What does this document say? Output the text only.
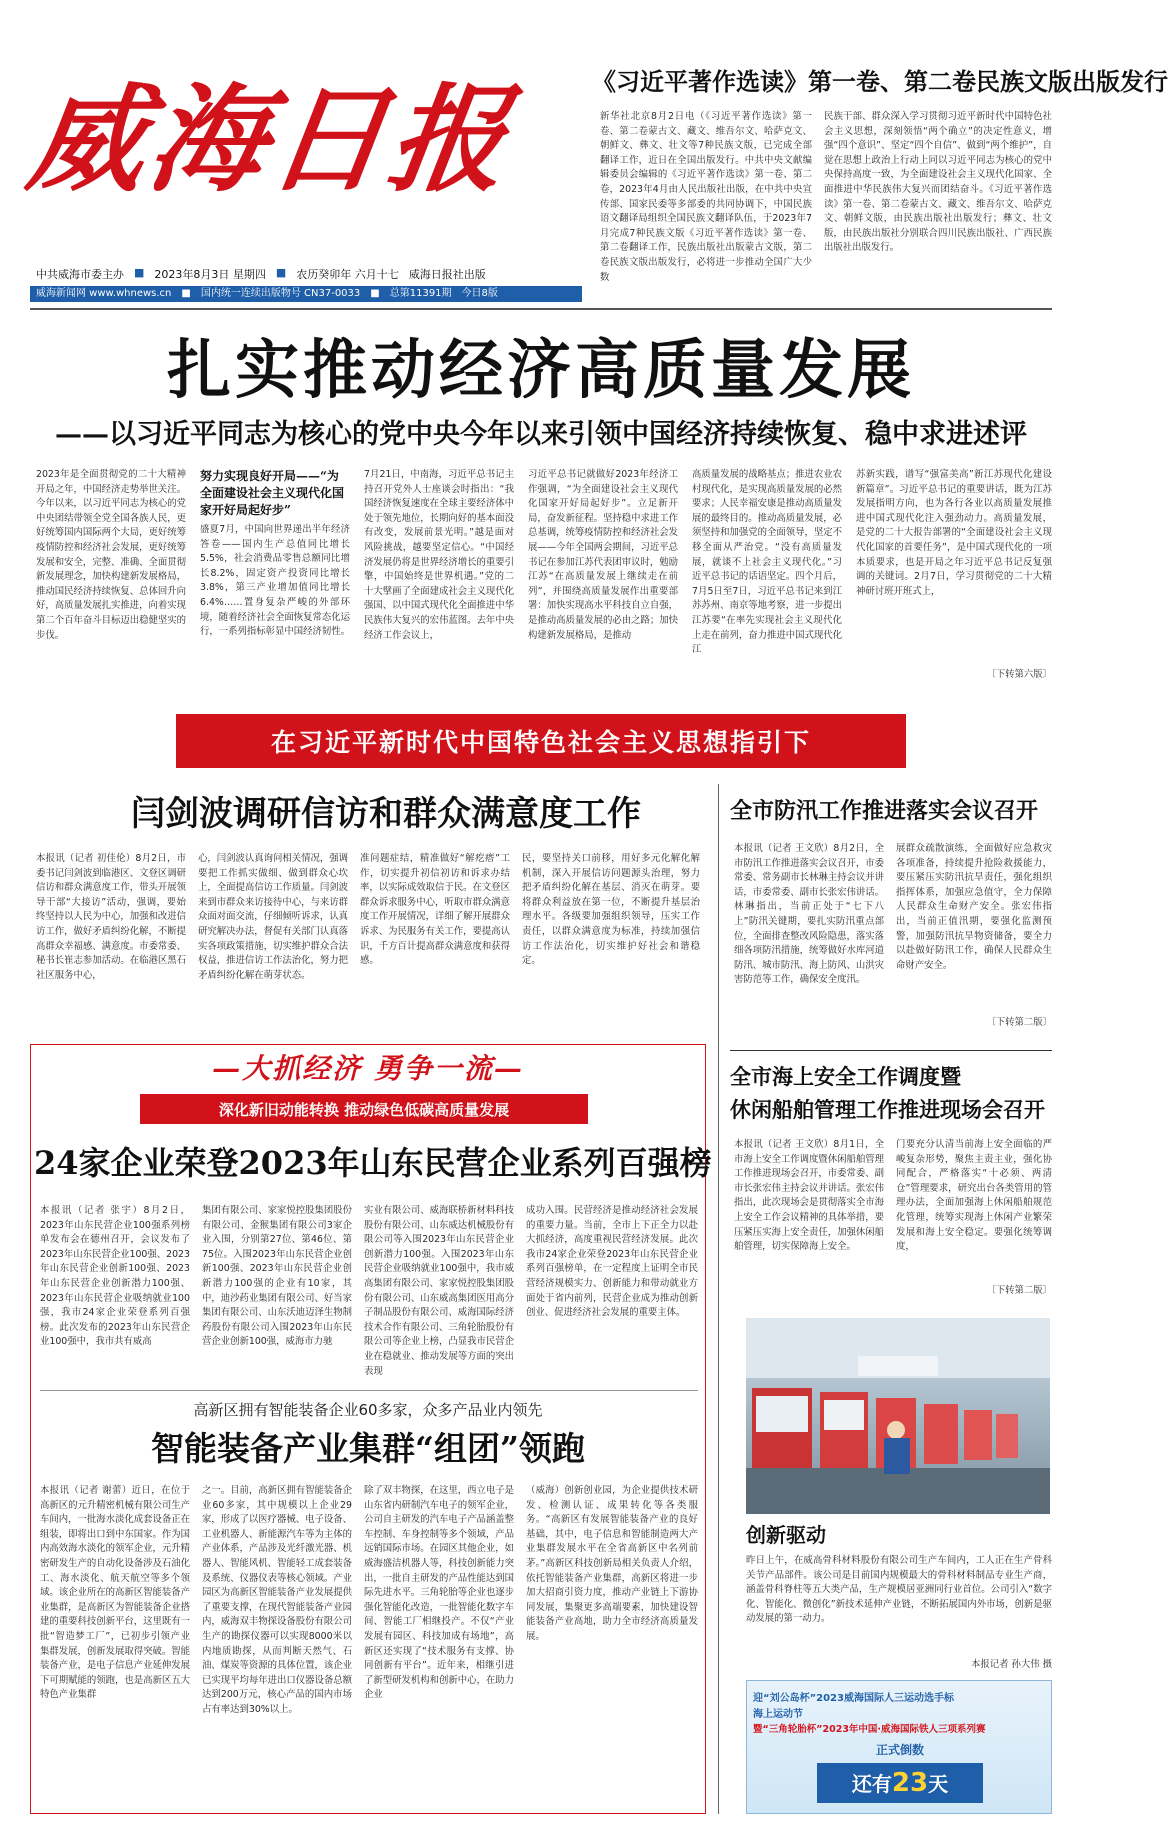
威海日报
中共威海市委主办 ■ 2023年8月3日 星期四 ■ 农历癸卯年 六月十七 威海日报社出版
威海新闻网 www.whnews.cn ■ 国内统一连续出版物号 CN37-0033 ■ 总第11391期 今日8版
《习近平著作选读》第一卷、第二卷民族文版出版发行
新华社北京8月2日电（《习近平著作选读》第一卷、第二卷蒙古文、藏文、维吾尔文、哈萨克文、朝鲜文、彝文、壮文等7种民族文版，已完成全部翻译工作，近日在全国出版发行。中共中央文献编辑委员会编辑的《习近平著作选读》第一卷、第二卷，2023年4月由人民出版社出版，在中共中央宣传部、国家民委等多部委的共同协调下，中国民族语文翻译局组织全国民族文翻译队伍，于2023年7月完成7种民族文版《习近平著作选读》第一卷、第二卷翻译工作，民族出版社出版蒙古文版，第二卷民族文版出版发行，必将进一步推动全国广大少数
民族干部、群众深入学习贯彻习近平新时代中国特色社会主义思想，深刻领悟“两个确立”的决定性意义，增强“四个意识”、坚定“四个自信”、做到“两个维护”，自觉在思想上政治上行动上同以习近平同志为核心的党中央保持高度一致，为全面建设社会主义现代化国家、全面推进中华民族伟大复兴而团结奋斗。《习近平著作选读》第一卷、第二卷蒙古文、藏文、维吾尔文、哈萨克文、朝鲜文版，由民族出版社出版发行；彝文、壮文版，由民族出版社分别联合四川民族出版社、广西民族出版社出版发行。
扎实推动经济高质量发展
——以习近平同志为核心的党中央今年以来引领中国经济持续恢复、稳中求进述评
2023年是全面贯彻党的二十大精神开局之年，中国经济走势举世关注。今年以来，以习近平同志为核心的党中央团结带领全党全国各族人民，更好统筹国内国际两个大局，更好统筹疫情防控和经济社会发展，更好统筹发展和安全，完整、准确、全面贯彻新发展理念，加快构建新发展格局，推动国民经济持续恢复、总体回升向好，高质量发展扎实推进，向着实现第二个百年奋斗目标迈出稳健坚实的步伐。
努力实现良好开局——“为全面建设社会主义现代化国家开好局起好步”
盛夏7月，中国向世界递出半年经济答卷——国内生产总值同比增长5.5%，社会消费品零售总额同比增长8.2%，固定资产投资同比增长3.8%，第三产业增加值同比增长6.4%……置身复杂严峻的外部环境，随着经济社会全面恢复常态化运行，一系列指标彰显中国经济韧性。
7月21日，中南海，习近平总书记主持召开党外人士座谈会时指出：“我国经济恢复速度在全球主要经济体中处于领先地位，长期向好的基本面没有改变，发展前景光明。”越是面对风险挑战，越要坚定信心。“中国经济发展仍将是世界经济增长的重要引擎，中国始终是世界机遇。”党的二十大擘画了全面建成社会主义现代化强国、以中国式现代化全面推进中华民族伟大复兴的宏伟蓝图。去年中央经济工作会议上，
习近平总书记就做好2023年经济工作强调，“为全面建设社会主义现代化国家开好局起好步”。立足新开局，奋发新征程。坚持稳中求进工作总基调，统筹疫情防控和经济社会发展——今年全国两会期间，习近平总书记在参加江苏代表团审议时，勉励江苏“在高质量发展上继续走在前列”，并围绕高质量发展作出重要部署：加快实现高水平科技自立自强，是推动高质量发展的必由之路；加快构建新发展格局，是推动
高质量发展的战略基点；推进农业农村现代化，是实现高质量发展的必然要求；人民幸福安康是推动高质量发展的最终目的。推动高质量发展，必须坚持和加强党的全面领导，坚定不移全面从严治党。“没有高质量发展，就谈不上社会主义现代化。”习近平总书记的话语坚定。四个月后，7月5日至7日，习近平总书记来到江苏苏州、南京等地考察，进一步提出江苏要“在率先实现社会主义现代化上走在前列，奋力推进中国式现代化江
苏新实践，谱写“强富美高”新江苏现代化建设新篇章”。习近平总书记的重要讲话，既为江苏发展指明方向，也为各行各业以高质量发展推进中国式现代化注入强劲动力。高质量发展，是党的二十大报告部署的“全面建设社会主义现代化国家的首要任务”，是中国式现代化的一项本质要求，也是开局之年习近平总书记反复强调的关键词。2月7日，学习贯彻党的二十大精神研讨班开班式上，
〔下转第六版〕
在习近平新时代中国特色社会主义思想指引下
闫剑波调研信访和群众满意度工作
本报讯（记者 初佳伦）8月2日，市委书记闫剑波到临港区、文登区调研信访和群众满意度工作，带头开展领导干部“大接访”活动，强调，要始终坚持以人民为中心，加强和改进信访工作，做好矛盾纠纷化解，不断提高群众幸福感、满意度。市委常委、秘书长崔志参加活动。在临港区黑石社区服务中心，
心，闫剑波认真询问相关情况，强调要把工作抓实做细、做到群众心坎上，全面提高信访工作质量。闫剑波来到市群众来访接待中心，与来访群众面对面交流，仔细倾听诉求，认真研究解决办法，督促有关部门认真落实各项政策措施，切实维护群众合法权益，推进信访工作法治化，努力把矛盾纠纷化解在萌芽状态。
准问题症结，精准做好“解疙瘩”工作，切实提升初信初访和诉求办结率，以实际成效取信于民。在文登区群众诉求服务中心，听取市群众满意度工作开展情况，详细了解开展群众诉求、为民服务有关工作，要提高认识，千方百计提高群众满意度和获得感。
民，要坚持关口前移，用好多元化解化解机制，深入开展信访问题源头治理，努力把矛盾纠纷化解在基层、消灭在萌芽。要将群众利益放在第一位，不断提升基层治理水平。各级要加强组织领导，压实工作责任，以群众满意度为标准，持续加强信访工作法治化，切实维护好社会和谐稳定。
全市防汛工作推进落实会议召开
本报讯（记者 王文欣）8月2日，全市防汛工作推进落实会议召开，市委常委、常务副市长林琳主持会议并讲话，市委常委、副市长张宏伟讲话。林琳指出，当前正处于“七下八上”防汛关键期，要扎实防汛重点部位，全面排查整改风险隐患，落实落细各项防汛措施，统筹做好水库河道防汛、城市防汛、海上防风、山洪灾害防范等工作，确保安全度汛。
展群众疏散演练，全面做好应急救灾各项准备，持续提升抢险救援能力，要压紧压实防汛抗旱责任，强化组织指挥体系，加强应急值守，全力保障人民群众生命财产安全。张宏伟指出，当前正值汛期，要强化监测预警，加强防汛抗旱物资储备，要全力以赴做好防汛工作，确保人民群众生命财产安全。
〔下转第二版〕
全市海上安全工作调度暨
休闲船舶管理工作推进现场会召开
本报讯（记者 王文欣）8月1日，全市海上安全工作调度暨休闲船舶管理工作推进现场会召开，市委常委、副市长张宏伟主持会议并讲话。张宏伟指出，此次现场会是贯彻落实全市海上安全工作会议精神的具体举措，要压紧压实海上安全责任，加强休闲船舶管理，切实保障海上安全。
门要充分认清当前海上安全面临的严峻复杂形势，聚焦主责主业，强化协同配合，严格落实“十必须、两清仓”管理要求，研究出台各类管用的管理办法，全面加强海上休闲船舶规范化管理，统筹实现海上休闲产业繁荣发展和海上安全稳定。要强化统筹调度，
〔下转第二版〕
创新驱动
昨日上午，在威高骨科材料股份有限公司生产车间内，工人正在生产骨科关节产品部件。该公司是目前国内规模最大的骨科材料制品专业生产商，涵盖骨科脊柱等五大类产品，生产规模居亚洲同行业首位。公司引入“数字化、智能化、微创化”新技术延伸产业链，不断拓展国内外市场，创新是驱动发展的第一动力。
本报记者 孙大伟 摄
迎“刘公岛杯”2023威海国际人三运动选手标
海上运动节
暨“三角轮胎杯”2023年中国·威海国际铁人三项系列赛
正式倒数
还有23天
—大抓经济 勇争一流—
深化新旧动能转换 推动绿色低碳高质量发展
24家企业荣登2023年山东民营企业系列百强榜
本报讯（记者 张宇）8月2日，2023年山东民营企业100强系列榜单发布会在德州召开，会议发布了2023年山东民营企业100强、2023年山东民营企业创新100强、2023年山东民营企业创新潜力100强、2023年山东民营企业吸纳就业100强，我市24家企业荣登系列百强榜。此次发布的2023年山东民营企业100强中，我市共有威高
集团有限公司、家家悦控股集团股份有限公司、金猴集团有限公司3家企业入围，分别第27位、第46位、第75位。入围2023年山东民营企业创新100强、2023年山东民营企业创新潜力100强的企业有10家，其中，迪沙药业集团有限公司、好当家集团有限公司、山东沃迪迈泽生物制药股份有限公司入围2023年山东民营企业创新100强，威海市力驰
实业有限公司、威海联桥新材料科技股份有限公司、山东威达机械股份有限公司等入围2023年山东民营企业创新潜力100强。入围2023年山东民营企业吸纳就业100强中，我市威高集团有限公司、家家悦控股集团股份有限公司、山东威高集团医用高分子制品股份有限公司、威海国际经济技术合作有限公司、三角轮胎股份有限公司等企业上榜，凸显我市民营企业在稳就业、推动发展等方面的突出表现
成功入围。民营经济是推动经济社会发展的重要力量。当前，全市上下正全力以赴大抓经济，高度重视民营经济发展。此次我市24家企业荣登2023年山东民营企业系列百强榜单，在一定程度上证明全市民营经济规模实力、创新能力和带动就业方面处于省内前列，民营企业成为推动创新创业、促进经济社会发展的重要主体。
高新区拥有智能装备企业60多家，众多产品业内领先
智能装备产业集群“组团”领跑
本报讯（记者 谢蕾）近日，在位于高新区的元升精密机械有限公司生产车间内，一批海水淡化成套设备正在组装，即将出口到中东国家。作为国内高效海水淡化的领军企业，元升精密研发生产的自动化设备涉及石油化工、海水淡化、航天航空等多个领域。该企业所在的高新区智能装备产业集群，是高新区为智能装备企业搭建的重要科技创新平台，这里既有一批“智造梦工厂”，已初步引领产业集群发展，创新发展取得突破。智能装备产业，是电子信息产业延伸发展下可期赋能的领跑，也是高新区五大特色产业集群
之一。目前，高新区拥有智能装备企业60多家，其中规模以上企业29家，形成了以医疗器械、电子设备、工业机器人、新能源汽车等为主体的产业体系，产品涉及光纤激光器、机器人、智能风机、智能轻工成套装备及系统、仪器仪表等核心领域。产业园区为高新区智能装备产业发展提供了重要支撑，在现代智能装备产业园内，威海双丰物探设备股份有限公司生产的勘探仪器可以实现8000米以内地质勘探，从而判断天然气、石油、煤炭等资源的具体位置，该企业已实现平均每年进出口仪器设备总额达到200万元，核心产品的国内市场占有率达到30%以上。
除了双丰物探，在这里，西立电子是山东省内研制汽车电子的领军企业，公司自主研发的汽车电子产品涵盖整车控制、车身控制等多个领域，产品远销国际市场。在园区其他企业，如威海盛洁机器人等，科技创新能力突出，一批自主研发的产品性能达到国际先进水平。三角轮胎等企业也逐步强化智能化改造，一批智能化数字车间、智能工厂相继投产。不仅“产业发展有园区、科技加成有场地”，高新区还实现了“技术服务有支撑、协同创新有平台”。近年来，相继引进了新型研发机构和创新中心，在助力企业
（威海）创新创业园，为企业提供技术研发、检测认证、成果转化等各类服务。“高新区有发展智能装备产业的良好基础，其中，电子信息和智能制造两大产业集群发展水平在全省高新区中名列前茅。”高新区科技创新局相关负责人介绍，依托智能装备产业集群，高新区将进一步加大招商引资力度，推动产业链上下游协同发展，集聚更多高端要素，加快建设智能装备产业高地，助力全市经济高质量发展。
